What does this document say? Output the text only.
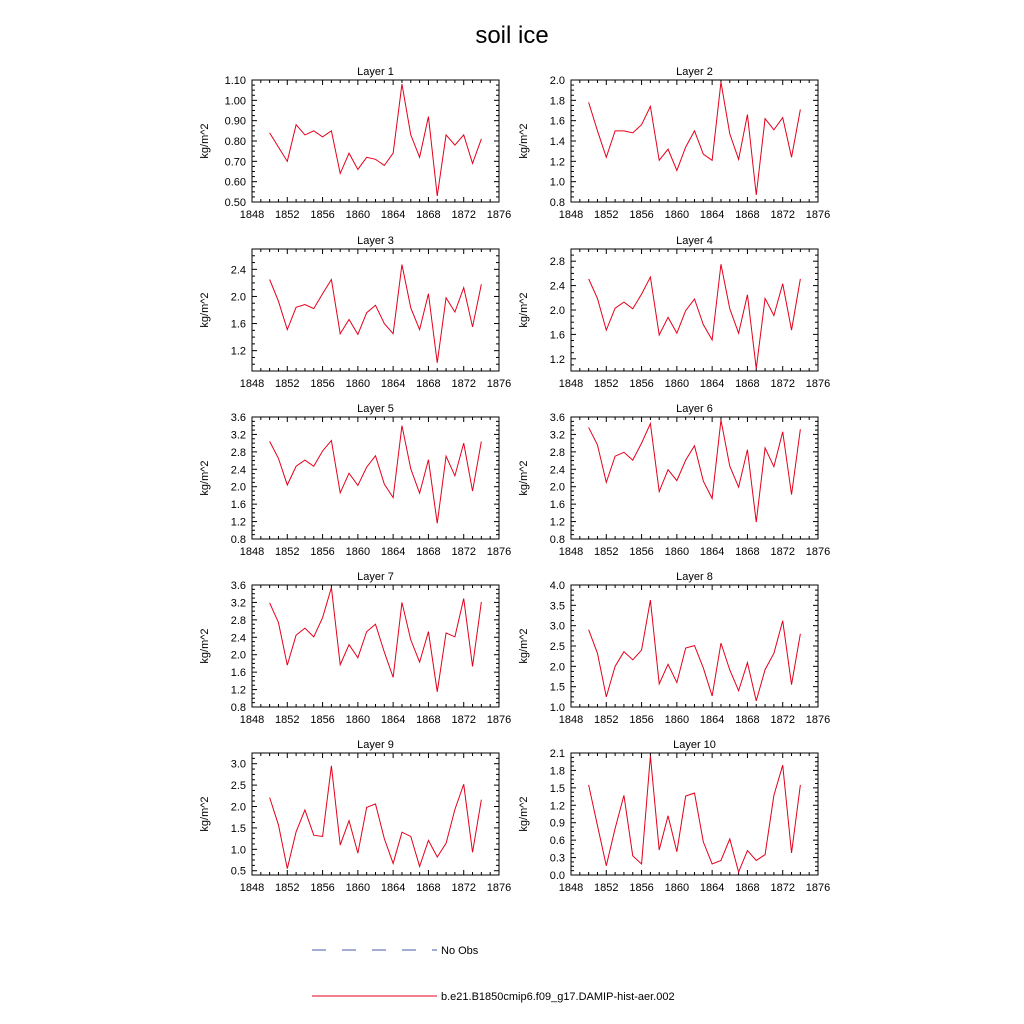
soil ice
Layer 1
kg/m^2
1848 1852 1856 1860 1864 1868 1872 1876
0.50
0.60
0.70
0.80
0.90
1.00
1.10
Layer 2
kg/m^2
1848 1852 1856 1860 1864 1868 1872 1876
0.8
1.0
1.2
1.4
1.6
1.8
2.0
Layer 3
kg/m^2
1848 1852 1856 1860 1864 1868 1872 1876
1.2
1.6
2.0
2.4
Layer 4
kg/m^2
1848 1852 1856 1860 1864 1868 1872 1876
1.2
1.6
2.0
2.4
2.8
Layer 5
kg/m^2
1848 1852 1856 1860 1864 1868 1872 1876
0.8
1.2
1.6
2.0
2.4
2.8
3.2
3.6
Layer 6
kg/m^2
1848 1852 1856 1860 1864 1868 1872 1876
0.8
1.2
1.6
2.0
2.4
2.8
3.2
3.6
Layer 7
kg/m^2
1848 1852 1856 1860 1864 1868 1872 1876
0.8
1.2
1.6
2.0
2.4
2.8
3.2
3.6
Layer 8
kg/m^2
1848 1852 1856 1860 1864 1868 1872 1876
1.0
1.5
2.0
2.5
3.0
3.5
4.0
Layer 9
kg/m^2
1848 1852 1856 1860 1864 1868 1872 1876
0.5
1.0
1.5
2.0
2.5
3.0
Layer 10
kg/m^2
1848 1852 1856 1860 1864 1868 1872 1876
0.0
0.3
0.6
0.9
1.2
1.5
1.8
2.1
No Obs
b.e21.B1850cmip6.f09_g17.DAMIP-hist-aer.002
